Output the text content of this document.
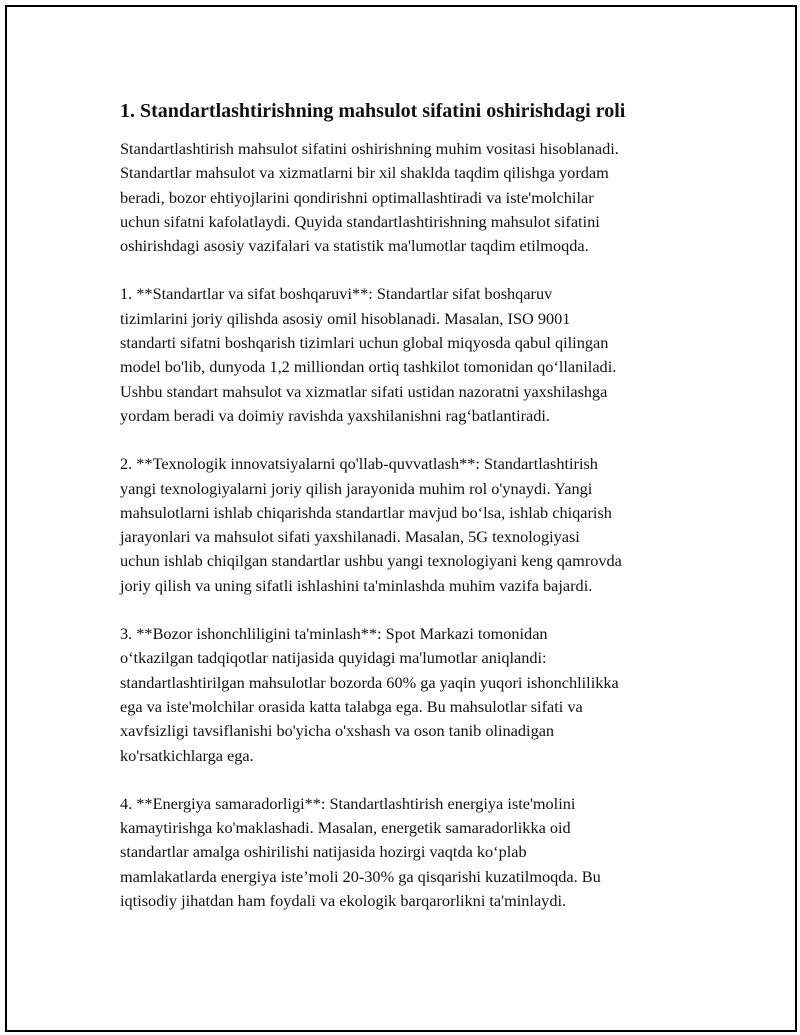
1. Standartlashtirishning mahsulot sifatini oshirishdagi roli

Standartlashtirish mahsulot sifatini oshirishning muhim vositasi hisoblanadi.
Standartlar mahsulot va xizmatlarni bir xil shaklda taqdim qilishga yordam
beradi, bozor ehtiyojlarini qondirishni optimallashtiradi va iste'molchilar
uchun sifatni kafolatlaydi. Quyida standartlashtirishning mahsulot sifatini
oshirishdagi asosiy vazifalari va statistik ma'lumotlar taqdim etilmoqda.

1. **Standartlar va sifat boshqaruvi**: Standartlar sifat boshqaruv
tizimlarini joriy qilishda asosiy omil hisoblanadi. Masalan, ISO 9001
standarti sifatni boshqarish tizimlari uchun global miqyosda qabul qilingan
model bo'lib, dunyoda 1,2 milliondan ortiq tashkilot tomonidan qo‘llaniladi.
Ushbu standart mahsulot va xizmatlar sifati ustidan nazoratni yaxshilashga
yordam beradi va doimiy ravishda yaxshilanishni rag‘batlantiradi.

2. **Texnologik innovatsiyalarni qo'llab-quvvatlash**: Standartlashtirish
yangi texnologiyalarni joriy qilish jarayonida muhim rol o'ynaydi. Yangi
mahsulotlarni ishlab chiqarishda standartlar mavjud bo‘lsa, ishlab chiqarish
jarayonlari va mahsulot sifati yaxshilanadi. Masalan, 5G texnologiyasi
uchun ishlab chiqilgan standartlar ushbu yangi texnologiyani keng qamrovda
joriy qilish va uning sifatli ishlashini ta'minlashda muhim vazifa bajardi.

3. **Bozor ishonchliligini ta'minlash**: Spot Markazi tomonidan
o‘tkazilgan tadqiqotlar natijasida quyidagi ma'lumotlar aniqlandi:
standartlashtirilgan mahsulotlar bozorda 60% ga yaqin yuqori ishonchlilikka
ega va iste'molchilar orasida katta talabga ega. Bu mahsulotlar sifati va
xavfsizligi tavsiflanishi bo'yicha o'xshash va oson tanib olinadigan
ko'rsatkichlarga ega.

4. **Energiya samaradorligi**: Standartlashtirish energiya iste'molini
kamaytirishga ko'maklashadi. Masalan, energetik samaradorlikka oid
standartlar amalga oshirilishi natijasida hozirgi vaqtda ko‘plab
mamlakatlarda energiya iste’moli 20-30% ga qisqarishi kuzatilmoqda. Bu
iqtisodiy jihatdan ham foydali va ekologik barqarorlikni ta'minlaydi.
